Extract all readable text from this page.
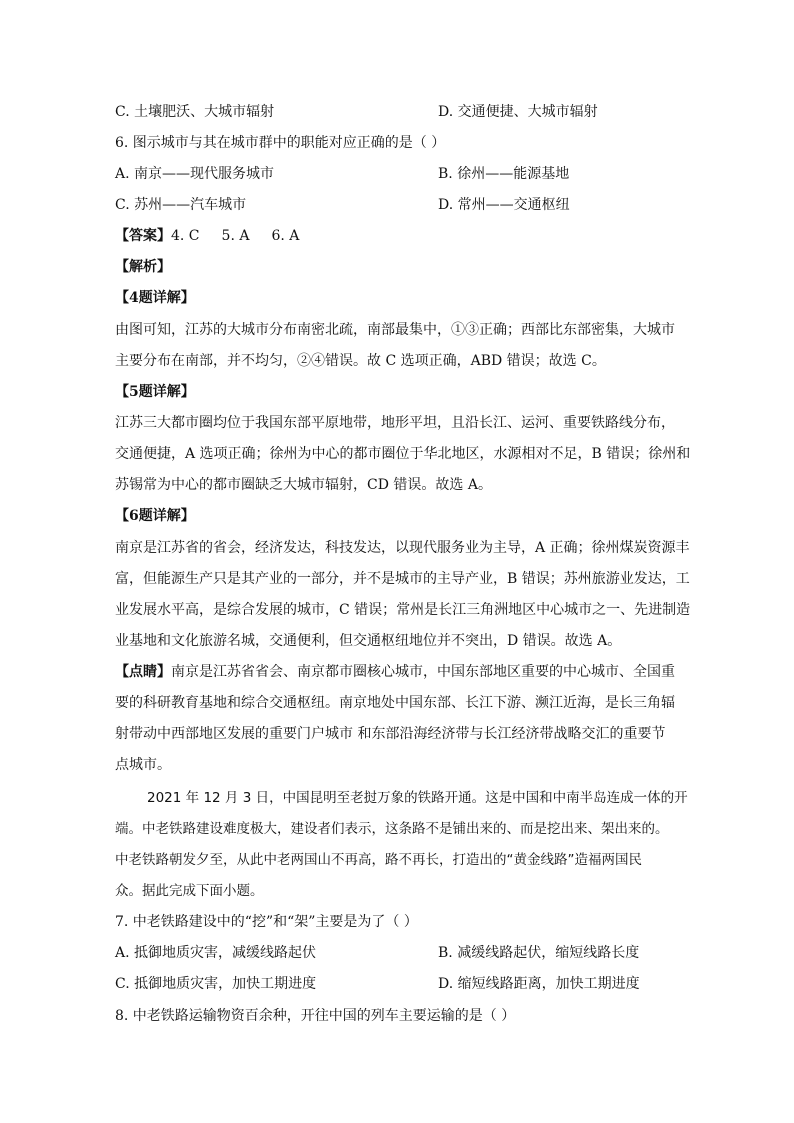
C. 土壤肥沃、大城市辐射	D. 交通便捷、大城市辐射
6. 图示城市与其在城市群中的职能对应正确的是（ ）
A. 南京——现代服务城市	B. 徐州——能源基地
C. 苏州——汽车城市	D. 常州——交通枢纽
【答案】4. C 5. A 6. A
【解析】
【4题详解】
由图可知，江苏的大城市分布南密北疏，南部最集中，①③正确；西部比东部密集，大城市
主要分布在南部，并不均匀，②④错误。故 C 选项正确，ABD 错误；故选 C。
【5题详解】
江苏三大都市圈均位于我国东部平原地带，地形平坦，且沿长江、运河、重要铁路线分布，
交通便捷，A 选项正确；徐州为中心的都市圈位于华北地区，水源相对不足，B 错误；徐州和
苏锡常为中心的都市圈缺乏大城市辐射，CD 错误。故选 A。
【6题详解】
南京是江苏省的省会，经济发达，科技发达，以现代服务业为主导，A 正确；徐州煤炭资源丰
富，但能源生产只是其产业的一部分，并不是城市的主导产业，B 错误；苏州旅游业发达，工
业发展水平高，是综合发展的城市，C 错误；常州是长江三角洲地区中心城市之一、先进制造
业基地和文化旅游名城，交通便利，但交通枢纽地位并不突出，D 错误。故选 A。
【点睛】南京是江苏省省会、南京都市圈核心城市，中国东部地区重要的中心城市、全国重
要的科研教育基地和综合交通枢纽。南京地处中国东部、长江下游、濒江近海，是长三角辐
射带动中西部地区发展的重要门户城市 和东部沿海经济带与长江经济带战略交汇的重要节
点城市。
2021 年 12 月 3 日，中国昆明至老挝万象的铁路开通。这是中国和中南半岛连成一体的开
端。中老铁路建设难度极大，建设者们表示，这条路不是铺出来的、而是挖出来、架出来的。
中老铁路朝发夕至，从此中老两国山不再高，路不再长，打造出的“黄金线路”造福两国民
众。据此完成下面小题。
7. 中老铁路建设中的“挖”和“架”主要是为了（ ）
A. 抵御地质灾害，减缓线路起伏	B. 减缓线路起伏，缩短线路长度
C. 抵御地质灾害，加快工期进度	D. 缩短线路距离，加快工期进度
8. 中老铁路运输物资百余种，开往中国的列车主要运输的是（ ）
